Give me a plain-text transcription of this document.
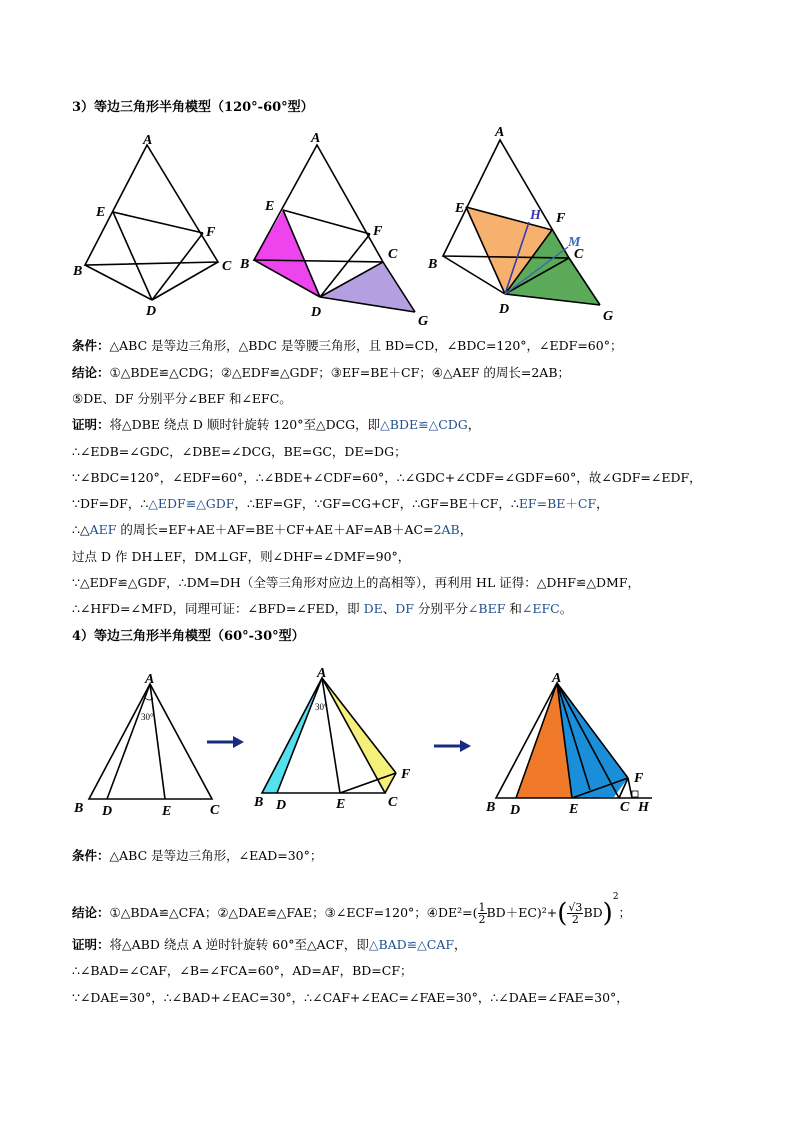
3）等边三角形半角模型（120°-60°型）
A
E
F
B	C
D
A
E
F
B
C
D
G
A
E	H F
M
C
B
D	G
条件：△ABC 是等边三角形，△BDC 是等腰三角形，且 BD=CD，∠BDC=120°，∠EDF=60°；
结论：①△BDE≌△CDG；②△EDF≌△GDF；③EF=BE＋CF；④△AEF 的周长=2AB；
⑤DE、DF 分别平分∠BEF 和∠EFC。
证明：将△DBE 绕点 D 顺时针旋转 120°至△DCG，即△BDE≌△CDG，
∴∠EDB=∠GDC，∠DBE=∠DCG，BE=GC，DE=DG；
∵∠BDC=120°，∠EDF=60°，∴∠BDE+∠CDF=60°，∴∠GDC+∠CDF=∠GDF=60°，故∠GDF=∠EDF，
∵DF=DF，∴△EDF≌△GDF，∴EF=GF，∵GF=CG+CF，∴GF=BE＋CF，∴EF=BE＋CF，
∴△AEF 的周长=EF+AE＋AF=BE＋CF+AE＋AF=AB＋AC=2AB，
过点 D 作 DH⊥EF，DM⊥GF，则∠DHF=∠DMF=90°，
∵△EDF≌△GDF，∴DM=DH（全等三角形对应边上的高相等），再利用 HL 证得：△DHF≌△DMF，
∴∠HFD=∠MFD，同理可证：∠BFD=∠FED，即 DE、DF 分别平分∠BEF 和∠EFC。
4）等边三角形半角模型（60°-30°型）
30°
A
B D	E	C
30°
A
B D	E
F
C
A
B D	E
F
C H
条件：△ABC 是等边三角形，∠EAD=30°；
结论：①△BDA≌△CFA；②△DAE≌△FAE；③∠ECF=120°；④DE²=( $\frac{1}{2} BD+EC)^2+( \frac{√3}{2} BD)^2$；
证明：将△ABD 绕点 A 逆时针旋转 60°至△ACF，即△BAD≌△CAF，
∴∠BAD=∠CAF，∠B=∠FCA=60°，AD=AF，BD=CF；
∵∠DAE=30°，∴∠BAD+∠EAC=30°，∴∠CAF+∠EAC=∠FAE=30°，∴∠DAE=∠FAE=30°，
